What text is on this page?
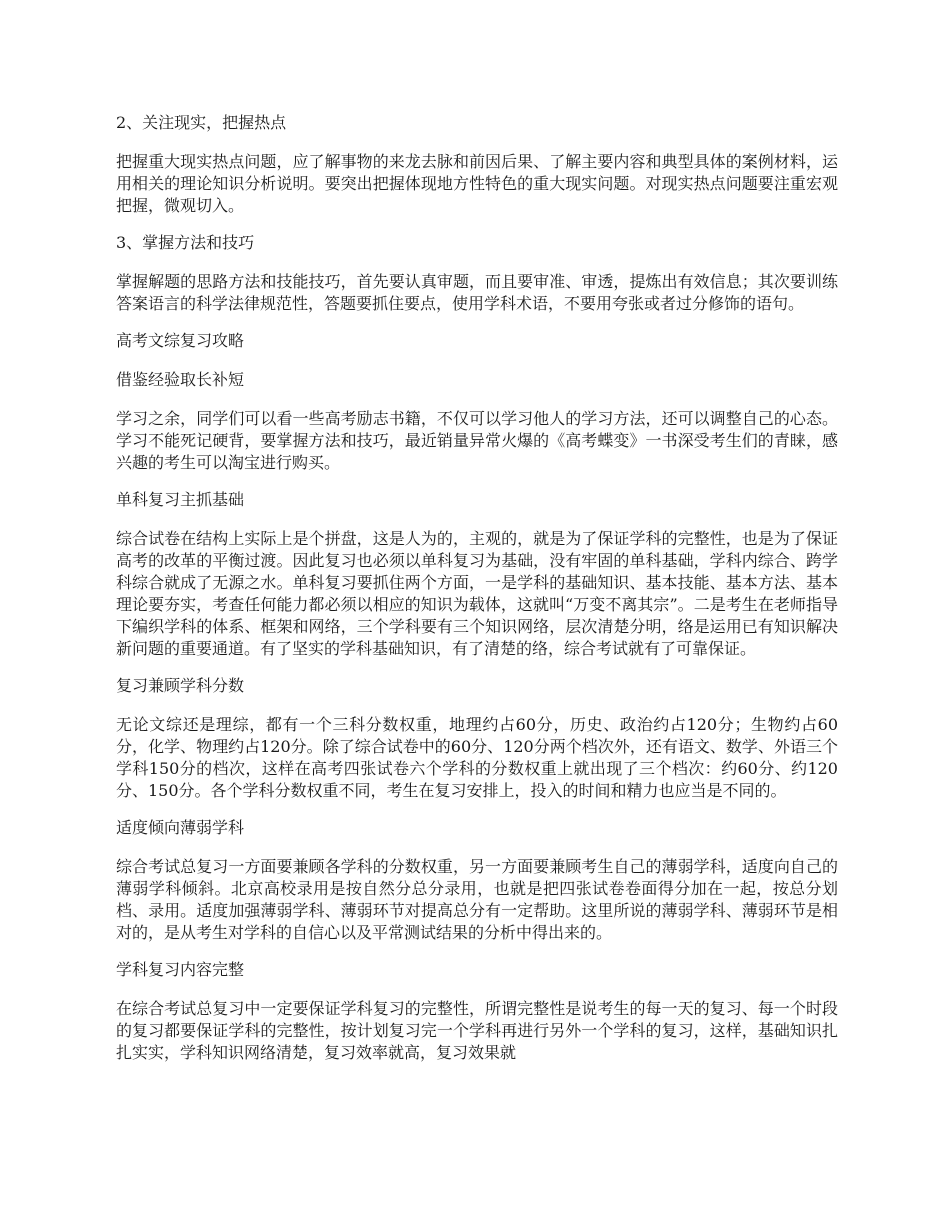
2、关注现实，把握热点
把握重大现实热点问题，应了解事物的来龙去脉和前因后果、了解主要内容和典型具体的案例材料，运用相关的理论知识分析说明。要突出把握体现地方性特色的重大现实问题。对现实热点问题要注重宏观把握，微观切入。
3、掌握方法和技巧
掌握解题的思路方法和技能技巧，首先要认真审题，而且要审准、审透，提炼出有效信息；其次要训练答案语言的科学法律规范性，答题要抓住要点，使用学科术语，不要用夸张或者过分修饰的语句。
高考文综复习攻略
借鉴经验取长补短
学习之余，同学们可以看一些高考励志书籍，不仅可以学习他人的学习方法，还可以调整自己的心态。学习不能死记硬背，要掌握方法和技巧，最近销量异常火爆的《高考蝶变》一书深受考生们的青睐，感兴趣的考生可以淘宝进行购买。
单科复习主抓基础
综合试卷在结构上实际上是个拼盘，这是人为的，主观的，就是为了保证学科的完整性，也是为了保证高考的改革的平衡过渡。因此复习也必须以单科复习为基础，没有牢固的单科基础，学科内综合、跨学科综合就成了无源之水。单科复习要抓住两个方面，一是学科的基础知识、基本技能、基本方法、基本理论要夯实，考查任何能力都必须以相应的知识为载体，这就叫“万变不离其宗”。二是考生在老师指导下编织学科的体系、框架和网络，三个学科要有三个知识网络，层次清楚分明，络是运用已有知识解决新问题的重要通道。有了坚实的学科基础知识，有了清楚的络，综合考试就有了可靠保证。
复习兼顾学科分数
无论文综还是理综，都有一个三科分数权重，地理约占60分，历史、政治约占120分；生物约占60分，化学、物理约占120分。除了综合试卷中的60分、120分两个档次外，还有语文、数学、外语三个学科150分的档次，这样在高考四张试卷六个学科的分数权重上就出现了三个档次：约60分、约120分、150分。各个学科分数权重不同，考生在复习安排上，投入的时间和精力也应当是不同的。
适度倾向薄弱学科
综合考试总复习一方面要兼顾各学科的分数权重，另一方面要兼顾考生自己的薄弱学科，适度向自己的薄弱学科倾斜。北京高校录用是按自然分总分录用，也就是把四张试卷卷面得分加在一起，按总分划档、录用。适度加强薄弱学科、薄弱环节对提高总分有一定帮助。这里所说的薄弱学科、薄弱环节是相对的，是从考生对学科的自信心以及平常测试结果的分析中得出来的。
学科复习内容完整
在综合考试总复习中一定要保证学科复习的完整性，所谓完整性是说考生的每一天的复习、每一个时段的复习都要保证学科的完整性，按计划复习完一个学科再进行另外一个学科的复习，这样，基础知识扎扎实实，学科知识网络清楚，复习效率就高，复习效果就
